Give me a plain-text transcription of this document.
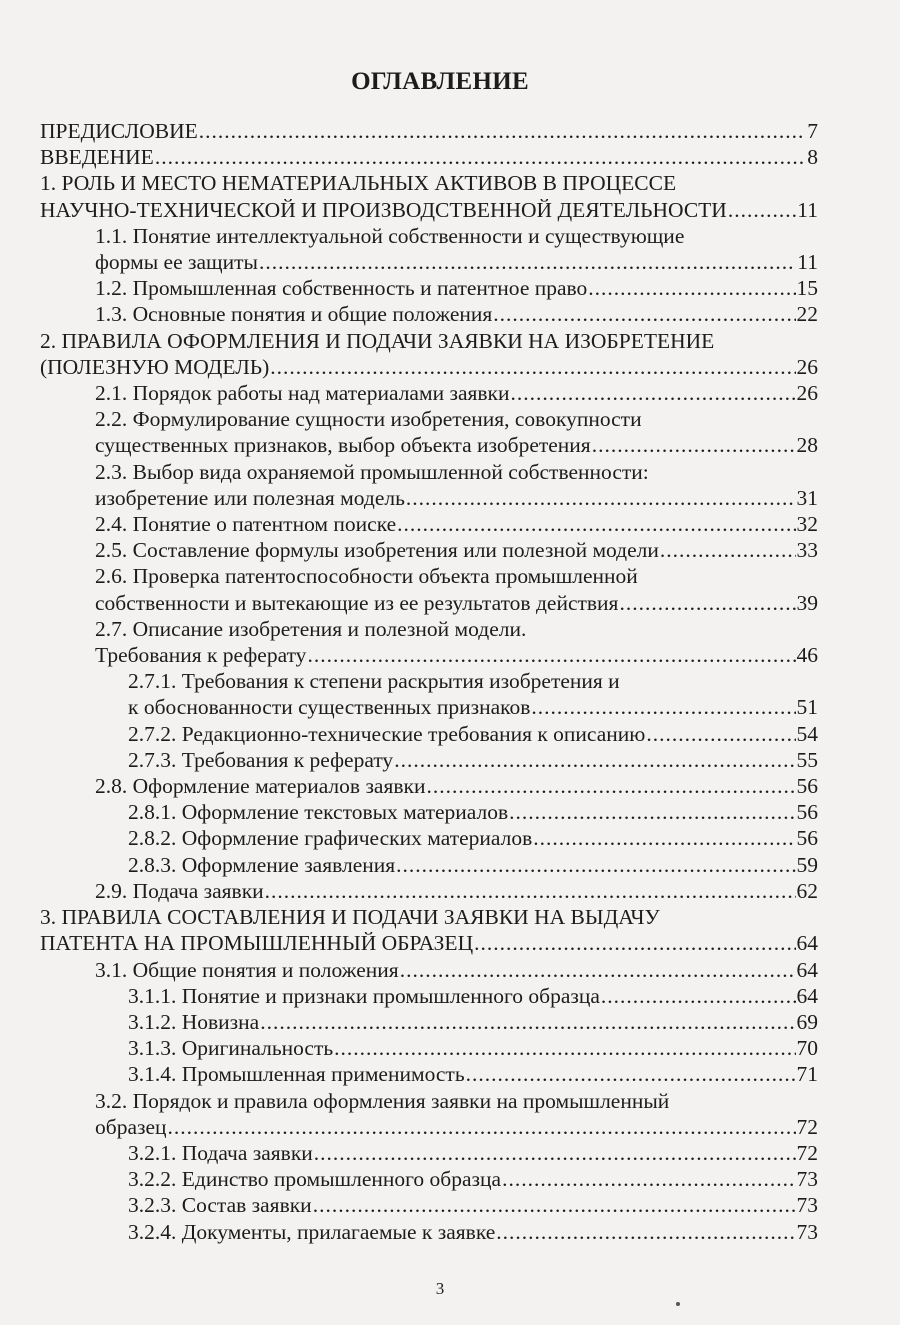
ОГЛАВЛЕНИЕ
ПРЕДИСЛОВИЕ .....	7
ВВЕДЕНИЕ .....	8
1. РОЛЬ И МЕСТО НЕМАТЕРИАЛЬНЫХ АКТИВОВ В ПРОЦЕССЕ
НАУЧНО-ТЕХНИЧЕСКОЙ И ПРОИЗВОДСТВЕННОЙ ДЕЯТЕЛЬНОСТИ .....	11
1.1. Понятие интеллектуальной собственности и существующие
формы ее защиты .....	11
1.2. Промышленная собственность и патентное право .....	15
1.3. Основные понятия и общие положения .....	22
2. ПРАВИЛА ОФОРМЛЕНИЯ И ПОДАЧИ ЗАЯВКИ НА ИЗОБРЕТЕНИЕ
(ПОЛЕЗНУЮ МОДЕЛЬ) .....	26
2.1. Порядок работы над материалами заявки .....	26
2.2. Формулирование сущности изобретения, совокупности
существенных признаков, выбор объекта изобретения .....	28
2.3. Выбор вида охраняемой промышленной собственности:
изобретение или полезная модель .....	31
2.4. Понятие о патентном поиске .....	32
2.5. Составление формулы изобретения или полезной модели .....	33
2.6. Проверка патентоспособности объекта промышленной
собственности и вытекающие из ее результатов действия .....	39
2.7. Описание изобретения и полезной модели.
Требования к реферату .....	46
2.7.1. Требования к степени раскрытия изобретения и
к обоснованности существенных признаков .....	51
2.7.2. Редакционно-технические требования к описанию .....	54
2.7.3. Требования к реферату .....	55
2.8. Оформление материалов заявки .....	56
2.8.1. Оформление текстовых материалов .....	56
2.8.2. Оформление графических материалов .....	56
2.8.3. Оформление заявления .....	59
2.9. Подача заявки .....	62
3. ПРАВИЛА СОСТАВЛЕНИЯ И ПОДАЧИ ЗАЯВКИ НА ВЫДАЧУ
ПАТЕНТА НА ПРОМЫШЛЕННЫЙ ОБРАЗЕЦ .....	64
3.1. Общие понятия и положения .....	64
3.1.1. Понятие и признаки промышленного образца .....	64
3.1.2. Новизна .....	69
3.1.3. Оригинальность .....	70
3.1.4. Промышленная применимость .....	71
3.2. Порядок и правила оформления заявки на промышленный
образец .....	72
3.2.1. Подача заявки .....	72
3.2.2. Единство промышленного образца .....	73
3.2.3. Состав заявки .....	73
3.2.4. Документы, прилагаемые к заявке .....	73
3
